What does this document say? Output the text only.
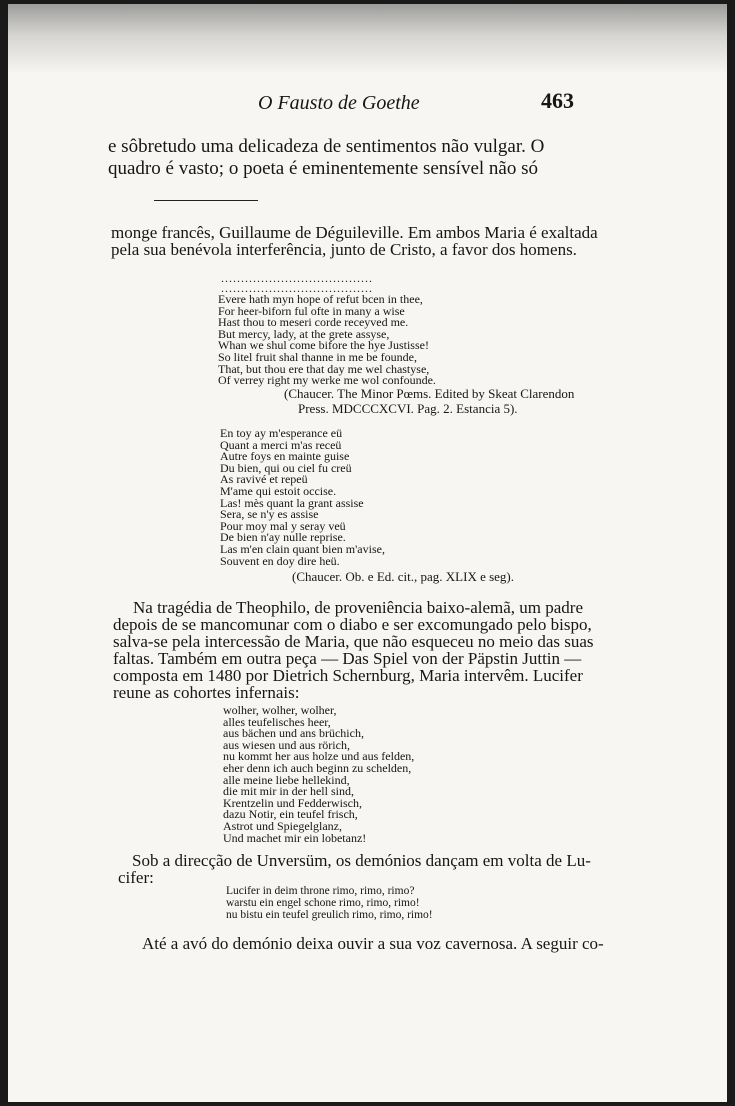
O Fausto de Goethe	463
e sôbretudo uma delicadeza de sentimentos não vulgar. O
quadro é vasto; o poeta é eminentemente sensível não só
monge francês, Guillaume de Déguileville. Em ambos Maria é exaltada
pela sua benévola interferência, junto de Cristo, a favor dos homens.
......................................
......................................
Evere hath myn hope of refut bcen in thee,
For heer-biforn ful ofte in many a wise
Hast thou to meseri corde receyved me.
But mercy, lady, at the grete assyse,
Whan we shul come bifore the hye Justisse!
So litel fruit shal thanne in me be founde,
That, but thou ere that day me wel chastyse,
Of verrey right my werke me wol confounde.
(Chaucer. The Minor Pœms. Edited by Skeat Clarendon
Press. MDCCCXCVI. Pag. 2. Estancia 5).
En toy ay m'esperance eü
Quant a merci m'as receü
Autre foys en mainte guise
Du bien, qui ou ciel fu creü
As ravivé et repeü
M'ame qui estoit occise.
Las! mès quant la grant assise
Sera, se n'y es assise
Pour moy mal y seray veü
De bien n'ay nulle reprise.
Las m'en clain quant bien m'avise,
Souvent en doy dire heü.
(Chaucer. Ob. e Ed. cit., pag. XLIX e seg).
Na tragédia de Theophilo, de proveniência baixo-alemã, um padre
depois de se mancomunar com o diabo e ser excomungado pelo bispo,
salva-se pela intercessão de Maria, que não esqueceu no meio das suas
faltas. Também em outra peça — Das Spiel von der Päpstin Juttin —
composta em 1480 por Dietrich Schernburg, Maria intervêm. Lucifer
reune as cohortes infernais:
wolher, wolher, wolher,
alles teufelisches heer,
aus bächen und ans brüchich,
aus wiesen und aus rörich,
nu kommt her aus holze und aus felden,
eher denn ich auch beginn zu schelden,
alle meine liebe hellekind,
die mit mir in der hell sind,
Krentzelin und Fedderwisch,
dazu Notir, ein teufel frisch,
Astrot und Spiegelglanz,
Und machet mir ein lobetanz!
Sob a direcção de Unversüm, os demónios dançam em volta de Lu-
cifer:
Lucifer in deim throne rimo, rimo, rimo?
warstu ein engel schone rimo, rimo, rimo!
nu bistu ein teufel greulich rimo, rimo, rimo!
Até a avó do demónio deixa ouvir a sua voz cavernosa. A seguir co-
